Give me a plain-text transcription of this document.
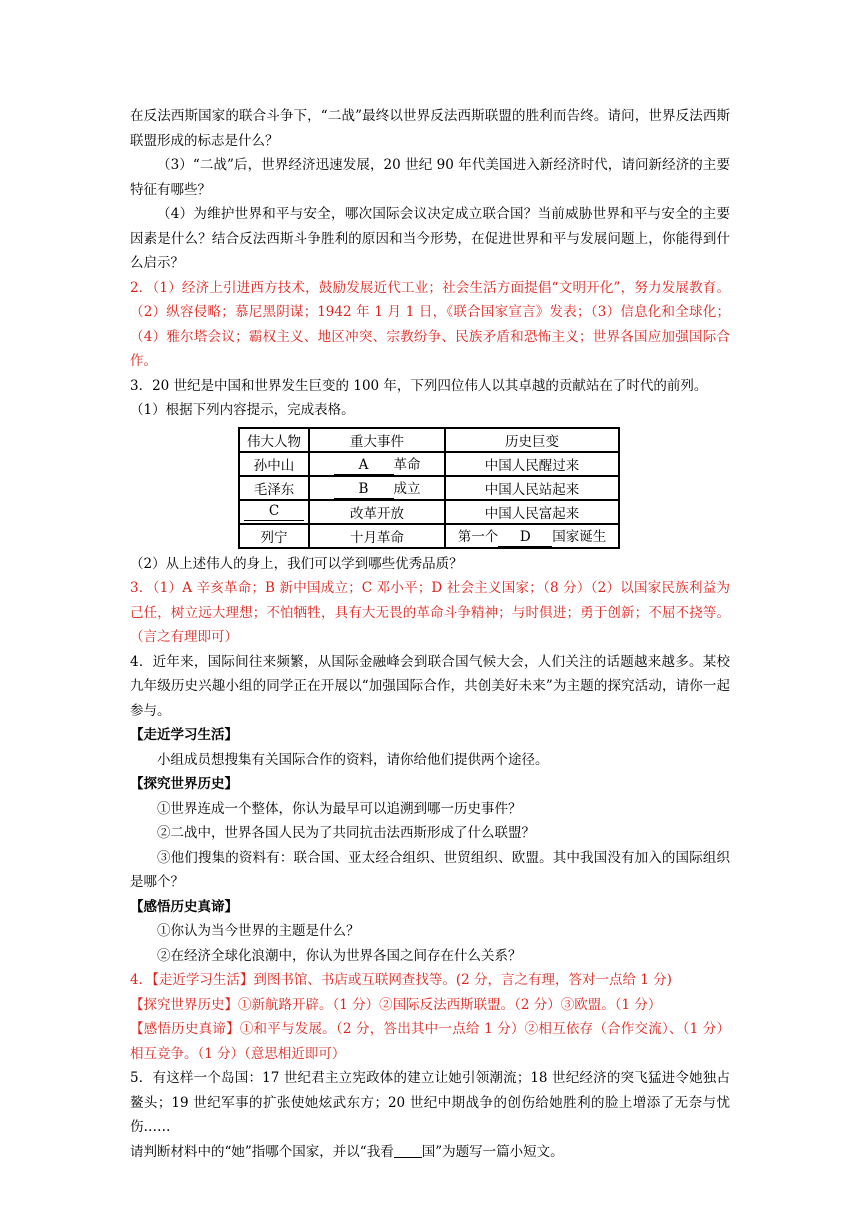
在反法西斯国家的联合斗争下，“二战”最终以世界反法西斯联盟的胜利而告终。请问，世界反法西斯联盟形成的标志是什么？

（3）“二战”后，世界经济迅速发展，20 世纪 90 年代美国进入新经济时代，请问新经济的主要特征有哪些？

（4）为维护世界和平与安全，哪次国际会议决定成立联合国？当前威胁世界和平与安全的主要因素是什么？结合反法西斯斗争胜利的原因和当今形势，在促进世界和平与发展问题上，你能得到什么启示？

2．（1）经济上引进西方技术，鼓励发展近代工业；社会生活方面提倡“文明开化”，努力发展教育。（2）纵容侵略；慕尼黑阴谋；1942 年 1 月 1 日，《联合国家宣言》发表；（3）信息化和全球化；（4）雅尔塔会议；霸权主义、地区冲突、宗教纷争、民族矛盾和恐怖主义；世界各国应加强国际合作。

3．20 世纪是中国和世界发生巨变的 100 年，下列四位伟人以其卓越的贡献站在了时代的前列。

（1）根据下列内容提示，完成表格。

伟大人物	重大事件	历史巨变
孙中山	A 革命	中国人民醒过来
毛泽东	B 成立	中国人民站起来
C	改革开放	中国人民富起来
列宁	十月革命	第一个 D 国家诞生

（2）从上述伟人的身上，我们可以学到哪些优秀品质？

3．（1）A 辛亥革命；B 新中国成立；C 邓小平；D 社会主义国家；（8 分）（2）以国家民族利益为己任，树立远大理想；不怕牺牲，具有大无畏的革命斗争精神；与时俱进；勇于创新；不屈不挠等。（言之有理即可）

4．近年来，国际间往来频繁，从国际金融峰会到联合国气候大会，人们关注的话题越来越多。某校九年级历史兴趣小组的同学正在开展以“加强国际合作，共创美好未来”为主题的探究活动，请你一起参与。

【走近学习生活】

小组成员想搜集有关国际合作的资料，请你给他们提供两个途径。

【探究世界历史】

①世界连成一个整体，你认为最早可以追溯到哪一历史事件？

②二战中，世界各国人民为了共同抗击法西斯形成了什么联盟？

③他们搜集的资料有：联合国、亚太经合组织、世贸组织、欧盟。其中我国没有加入的国际组织是哪个？

【感悟历史真谛】

①你认为当今世界的主题是什么？

②在经济全球化浪潮中，你认为世界各国之间存在什么关系？

4．【走近学习生活】到图书馆、书店或互联网查找等。(2 分，言之有理，答对一点给 1 分)

【探究世界历史】①新航路开辟。（1 分）②国际反法西斯联盟。（2 分）③欧盟。（1 分）

【感悟历史真谛】①和平与发展。（2 分，答出其中一点给 1 分）②相互依存（合作交流）、（1 分）相互竞争。（1 分）（意思相近即可）

5．有这样一个岛国：17 世纪君主立宪政体的建立让她引领潮流；18 世纪经济的突飞猛进令她独占鳌头；19 世纪军事的扩张使她炫武东方；20 世纪中期战争的创伤给她胜利的脸上增添了无奈与忧伤……

请判断材料中的“她”指哪个国家，并以“我看 国”为题写一篇小短文。
